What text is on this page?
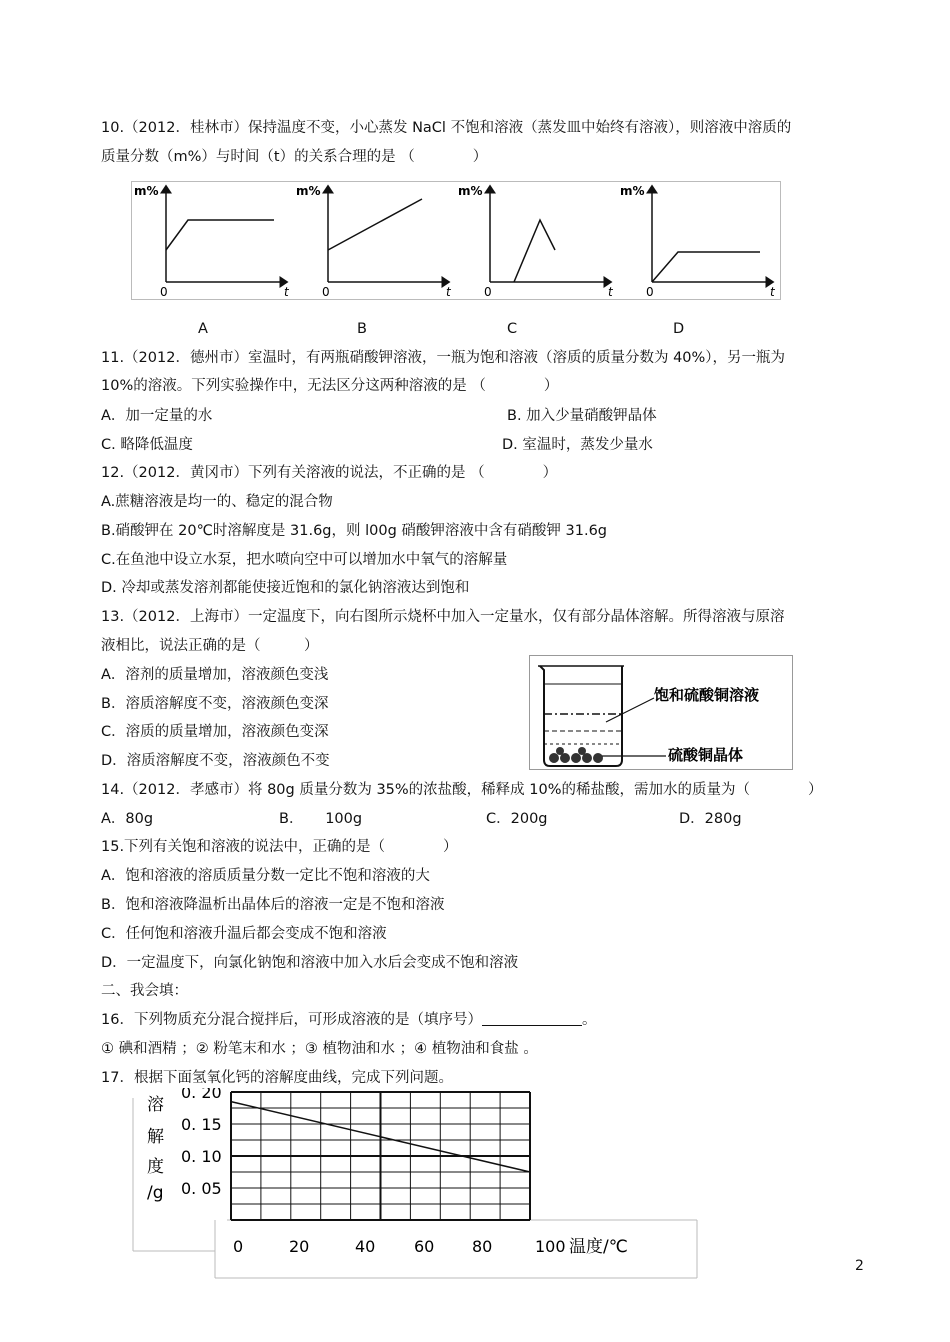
10.（2012．桂林市）保持温度不变，小心蒸发 NaCl 不饱和溶液（蒸发皿中始终有溶液），则溶液中溶质的
质量分数（m%）与时间（t）的关系合理的是 （　　　　）
m%
0	t
m%
0	t
m%
0	t
m%
0	t
A	B	C	D
11.（2012．德州市）室温时，有两瓶硝酸钾溶液，一瓶为饱和溶液（溶质的质量分数为 40%），另一瓶为
10%的溶液。下列实验操作中，无法区分这两种溶液的是 （　　　　）
A．加一定量的水	B. 加入少量硝酸钾晶体
C. 略降低温度	D. 室温时，蒸发少量水
12.（2012．黄冈市）下列有关溶液的说法，不正确的是 （　　　　）
A.蔗糖溶液是均一的、稳定的混合物
B.硝酸钾在 20℃时溶解度是 31.6g，则 l00g 硝酸钾溶液中含有硝酸钾 31.6g
C.在鱼池中设立水泵，把水喷向空中可以增加水中氧气的溶解量
D. 冷却或蒸发溶剂都能使接近饱和的氯化钠溶液达到饱和
13.（2012．上海市）一定温度下，向右图所示烧杯中加入一定量水，仅有部分晶体溶解。所得溶液与原溶
液相比，说法正确的是（　　　）
A．溶剂的质量增加，溶液颜色变浅
B．溶质溶解度不变，溶液颜色变深
C．溶质的质量增加，溶液颜色变深
D．溶质溶解度不变，溶液颜色不变
饱和硫酸铜溶液
硫酸铜晶体
14.（2012．孝感市）将 80g 质量分数为 35%的浓盐酸，稀释成 10%的稀盐酸，需加水的质量为（　　　　）
A．80g	B．　　100g	C．200g	D．280g
15.下列有关饱和溶液的说法中，正确的是（　　　　）
A．饱和溶液的溶质质量分数一定比不饱和溶液的大
B．饱和溶液降温析出晶体后的溶液一定是不饱和溶液
C．任何饱和溶液升温后都会变成不饱和溶液
D．一定温度下，向氯化钠饱和溶液中加入水后会变成不饱和溶液
二、我会填：
16．下列物质充分混合搅拌后，可形成溶液的是（填序号）	。
① 碘和酒精 ；② 粉笔末和水 ；③ 植物油和水 ；④ 植物油和食盐 。
17．根据下面氢氧化钙的溶解度曲线，完成下列问题。
溶
解
度
/g
0. 20
0. 15
0. 10
0. 05
0	20	40 60 80	100 温度/℃
2
